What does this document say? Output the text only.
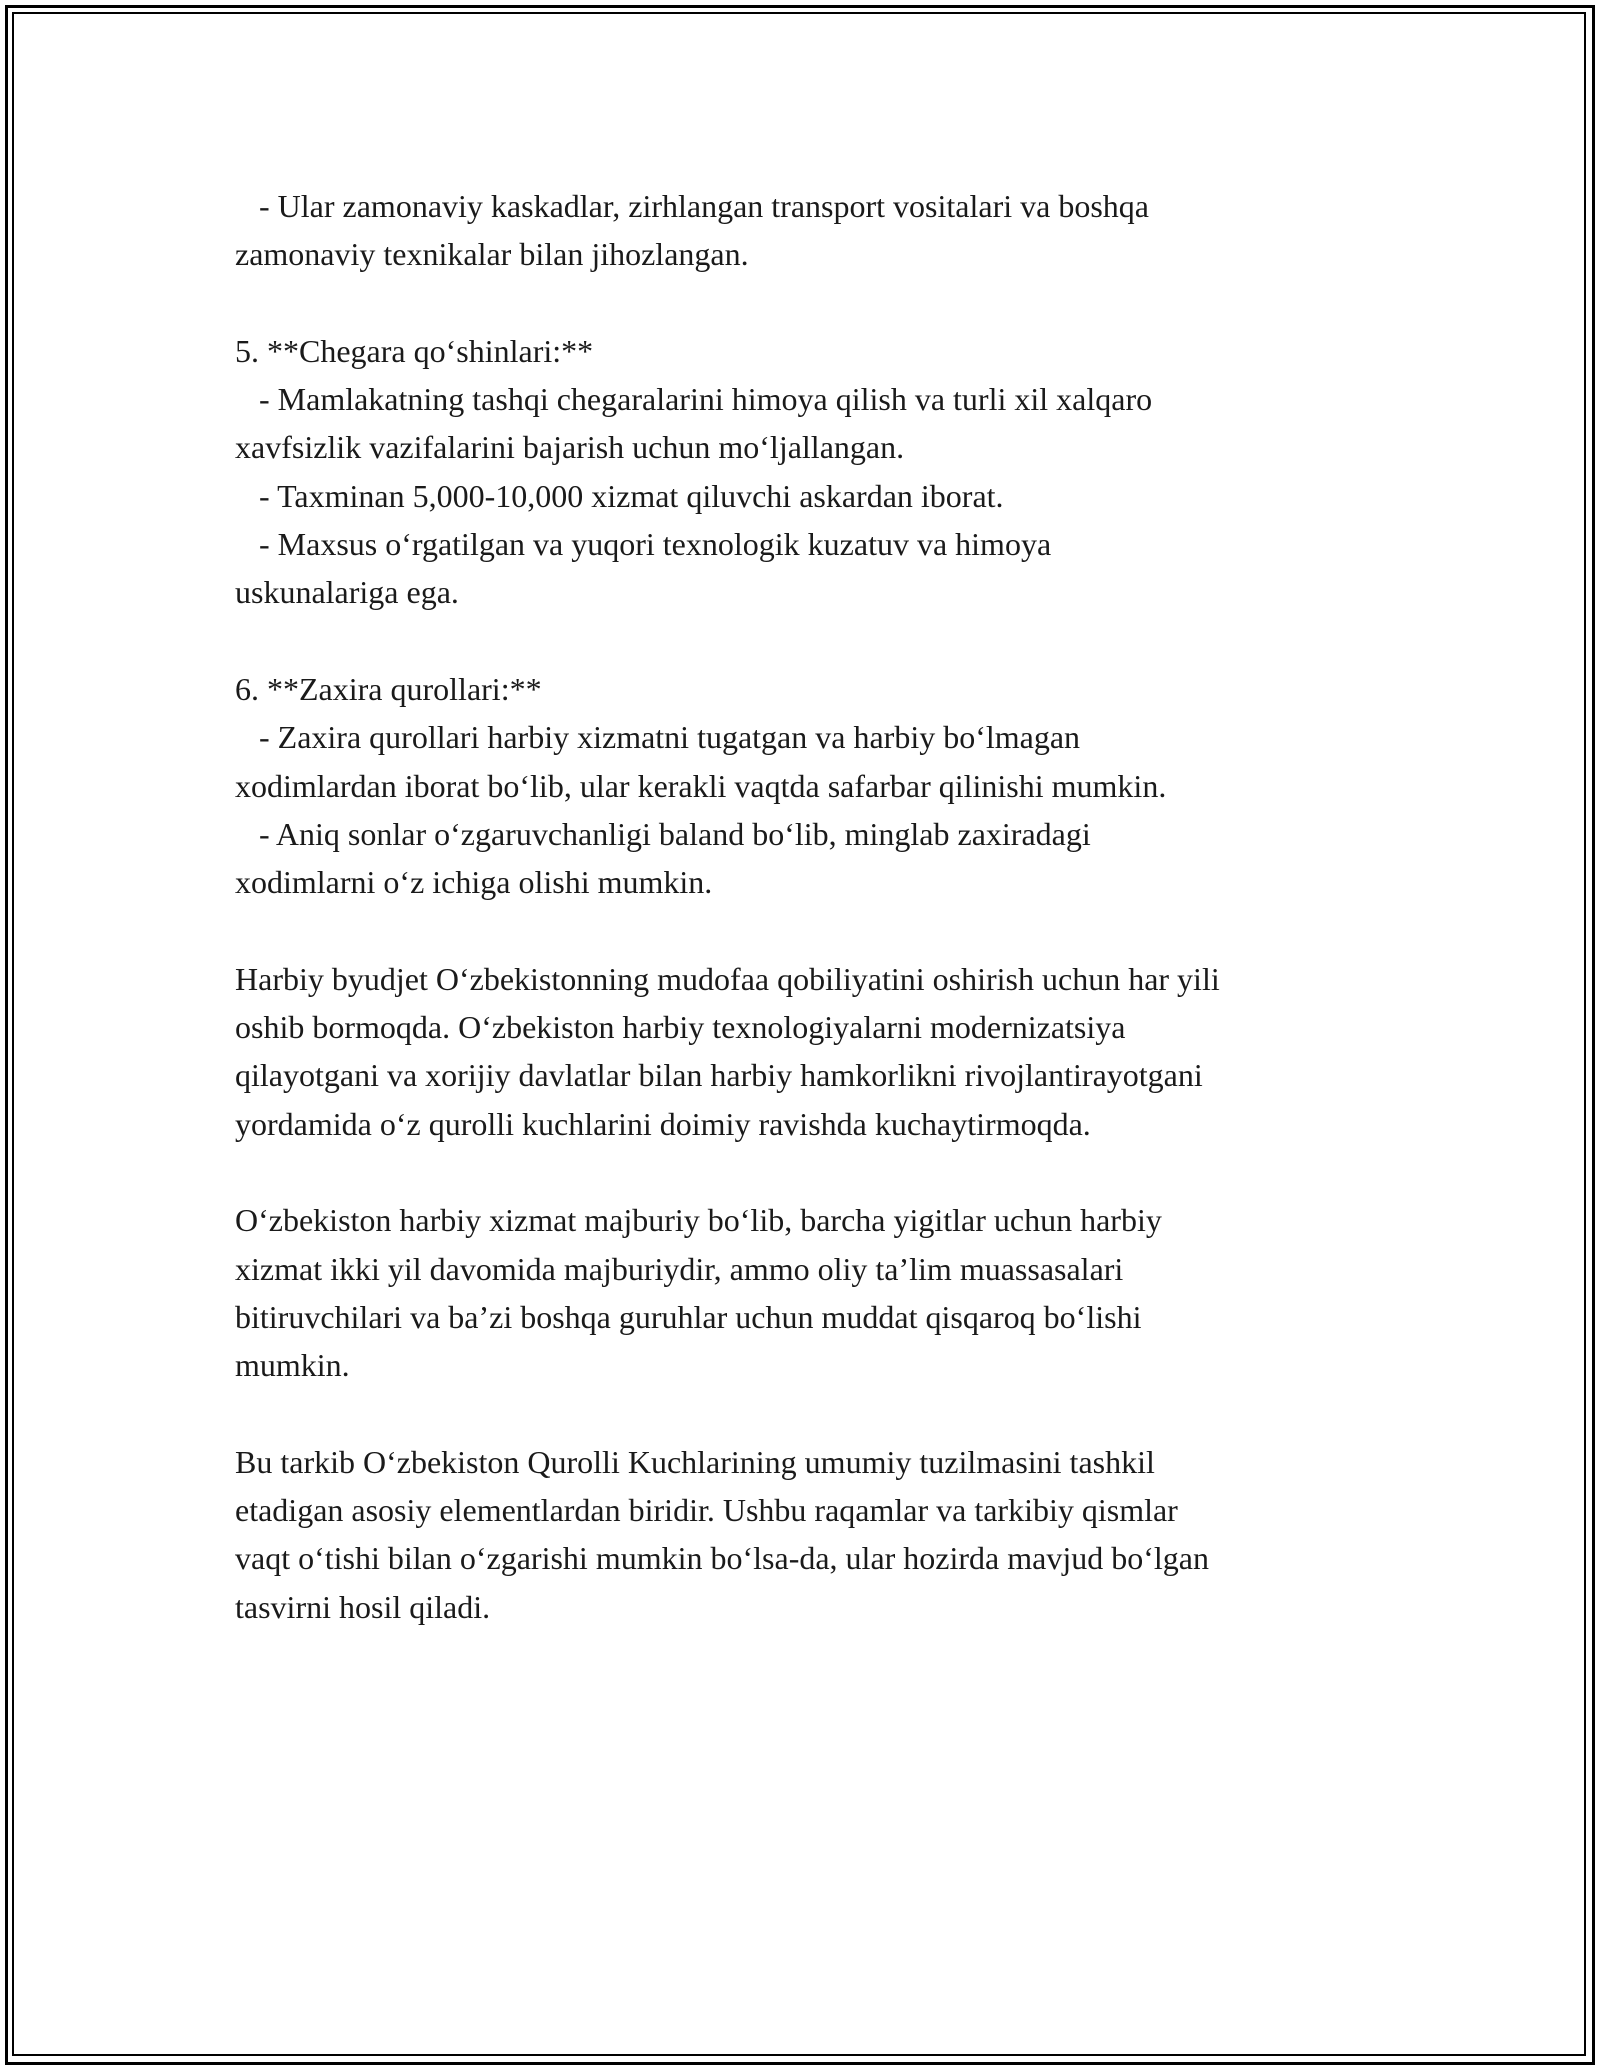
- Ular zamonaviy kaskadlar, zirhlangan transport vositalari va boshqa
zamonaviy texnikalar bilan jihozlangan.
5. **Chegara qo‘shinlari:**
- Mamlakatning tashqi chegaralarini himoya qilish va turli xil xalqaro
xavfsizlik vazifalarini bajarish uchun mo‘ljallangan.
- Taxminan 5,000-10,000 xizmat qiluvchi askardan iborat.
- Maxsus o‘rgatilgan va yuqori texnologik kuzatuv va himoya
uskunalariga ega.
6. **Zaxira qurollari:**
- Zaxira qurollari harbiy xizmatni tugatgan va harbiy bo‘lmagan
xodimlardan iborat bo‘lib, ular kerakli vaqtda safarbar qilinishi mumkin.
- Aniq sonlar o‘zgaruvchanligi baland bo‘lib, minglab zaxiradagi
xodimlarni o‘z ichiga olishi mumkin.
Harbiy byudjet O‘zbekistonning mudofaa qobiliyatini oshirish uchun har yili
oshib bormoqda. O‘zbekiston harbiy texnologiyalarni modernizatsiya
qilayotgani va xorijiy davlatlar bilan harbiy hamkorlikni rivojlantirayotgani
yordamida o‘z qurolli kuchlarini doimiy ravishda kuchaytirmoqda.
O‘zbekiston harbiy xizmat majburiy bo‘lib, barcha yigitlar uchun harbiy
xizmat ikki yil davomida majburiydir, ammo oliy ta’lim muassasalari
bitiruvchilari va ba’zi boshqa guruhlar uchun muddat qisqaroq bo‘lishi
mumkin.
Bu tarkib O‘zbekiston Qurolli Kuchlarining umumiy tuzilmasini tashkil
etadigan asosiy elementlardan biridir. Ushbu raqamlar va tarkibiy qismlar
vaqt o‘tishi bilan o‘zgarishi mumkin bo‘lsa-da, ular hozirda mavjud bo‘lgan
tasvirni hosil qiladi.
